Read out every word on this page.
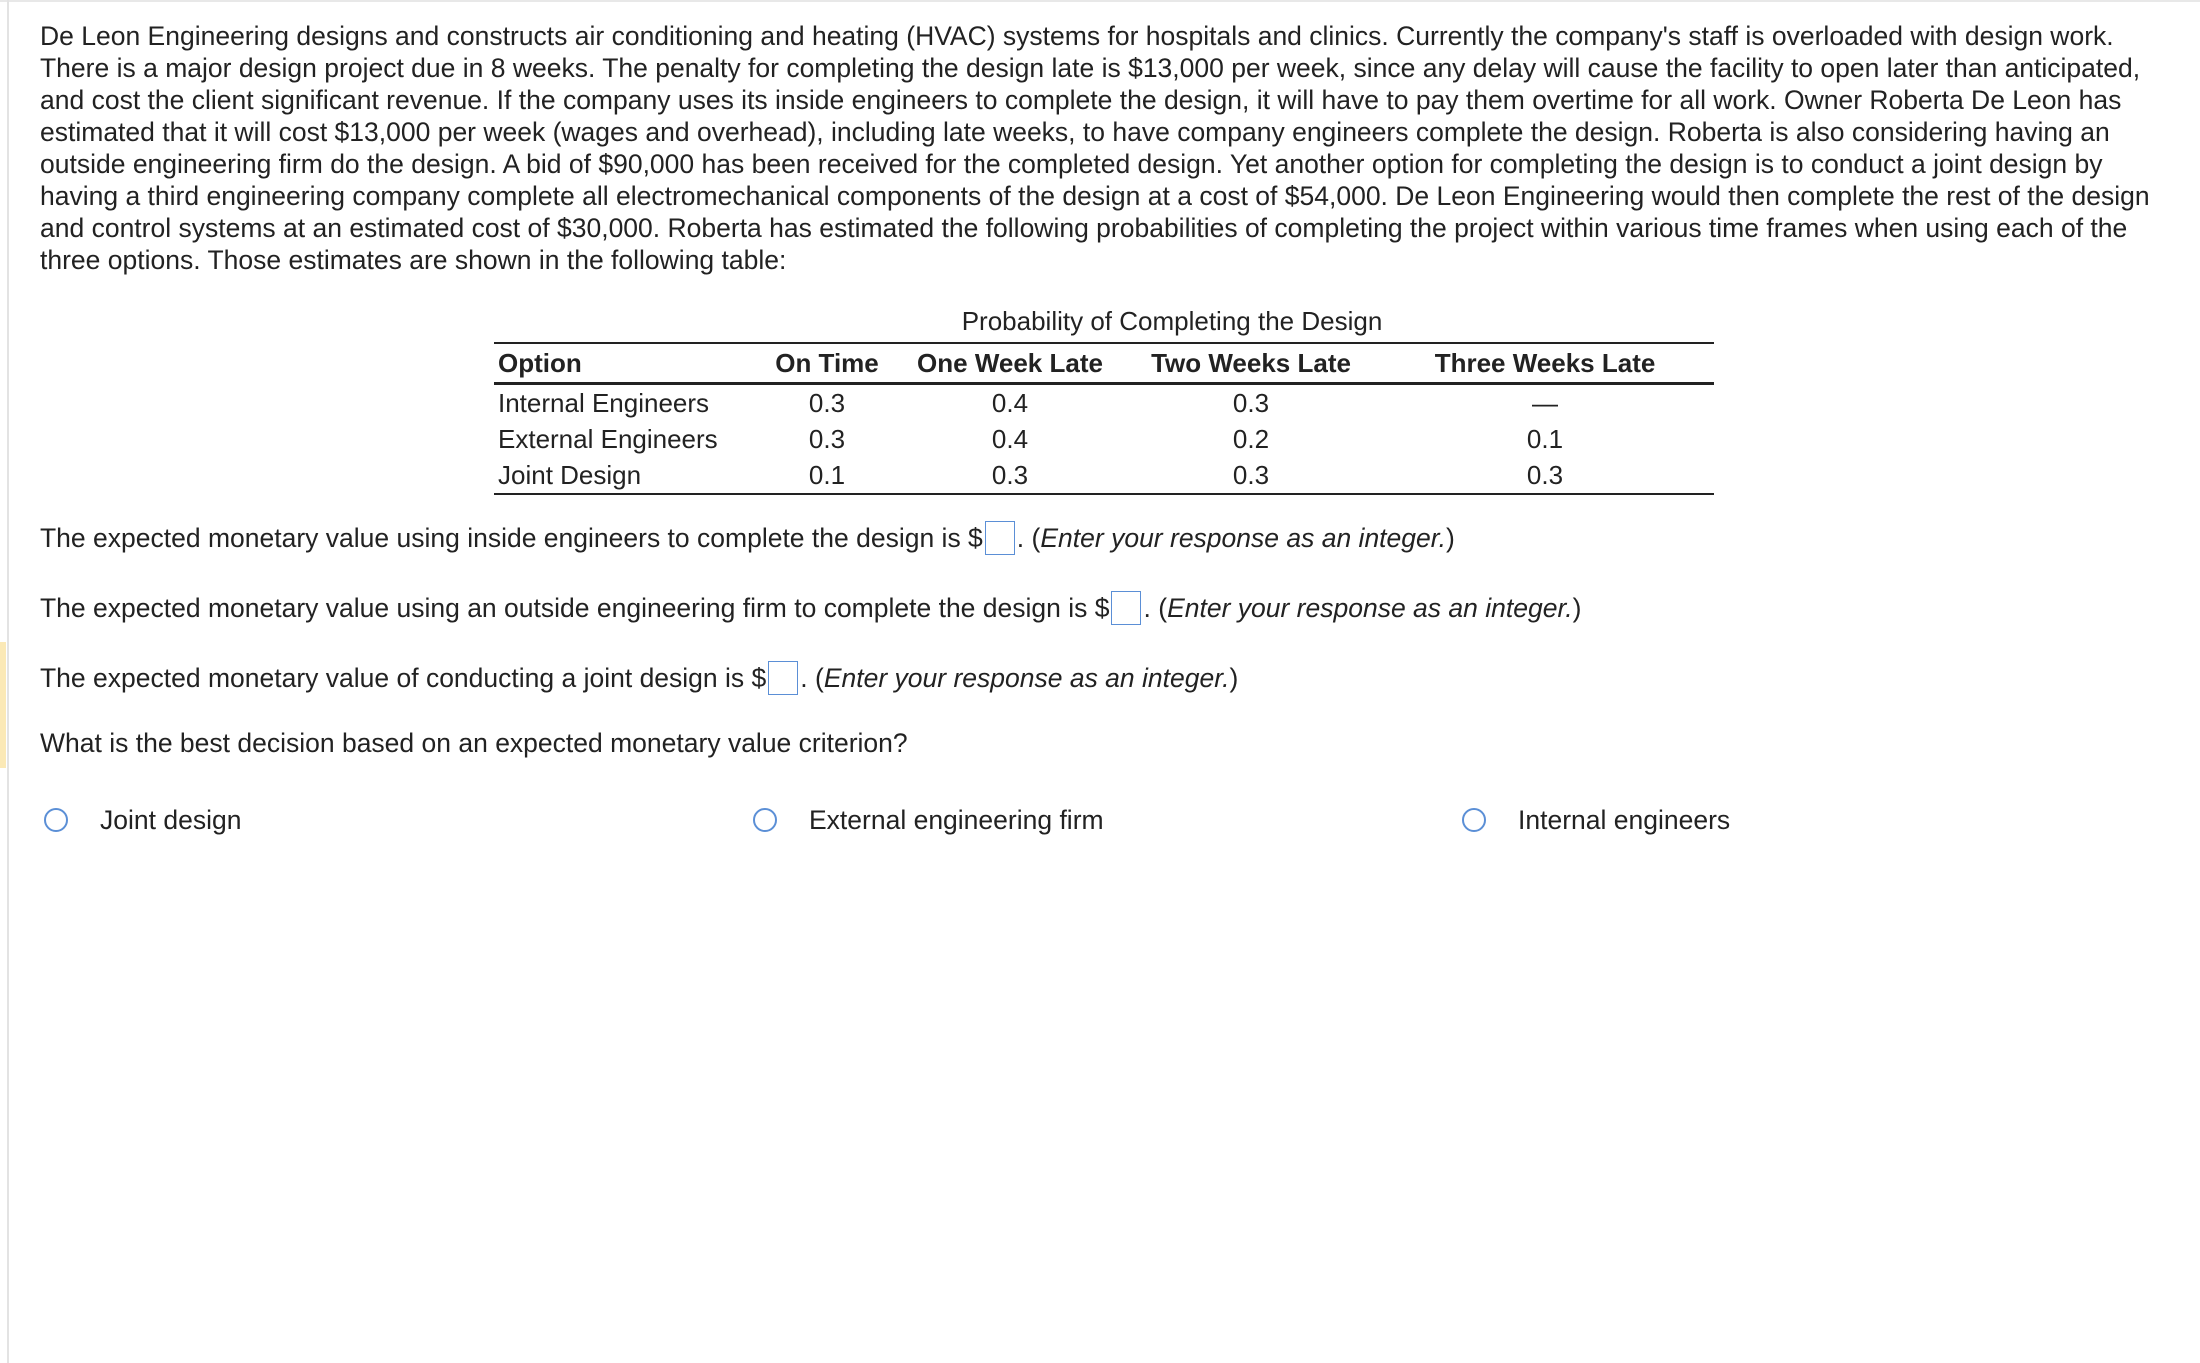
De Leon Engineering designs and constructs air conditioning and heating (HVAC) systems for hospitals and clinics. Currently the company's staff is overloaded with design work. There is a major design project due in 8 weeks. The penalty for completing the design late is $13,000 per week, since any delay will cause the facility to open later than anticipated, and cost the client significant revenue. If the company uses its inside engineers to complete the design, it will have to pay them overtime for all work. Owner Roberta De Leon has estimated that it will cost $13,000 per week (wages and overhead), including late weeks, to have company engineers complete the design. Roberta is also considering having an outside engineering firm do the design. A bid of $90,000 has been received for the completed design. Yet another option for completing the design is to conduct a joint design by having a third engineering company complete all electromechanical components of the design at a cost of $54,000. De Leon Engineering would then complete the rest of the design and control systems at an estimated cost of $30,000. Roberta has estimated the following probabilities of completing the project within various time frames when using each of the three options. Those estimates are shown in the following table:

Probability of Completing the Design
Option	On Time	One Week Late	Two Weeks Late	Three Weeks Late
Internal Engineers	0.3	0.4	0.3	—
External Engineers	0.3	0.4	0.2	0.1
Joint Design	0.1	0.3	0.3	0.3
The expected monetary value using inside engineers to complete the design is $ . (Enter your response as an integer.)
The expected monetary value using an outside engineering firm to complete the design is $ . (Enter your response as an integer.)
The expected monetary value of conducting a joint design is $ . (Enter your response as an integer.)
What is the best decision based on an expected monetary value criterion?
Joint design	External engineering firm	Internal engineers
